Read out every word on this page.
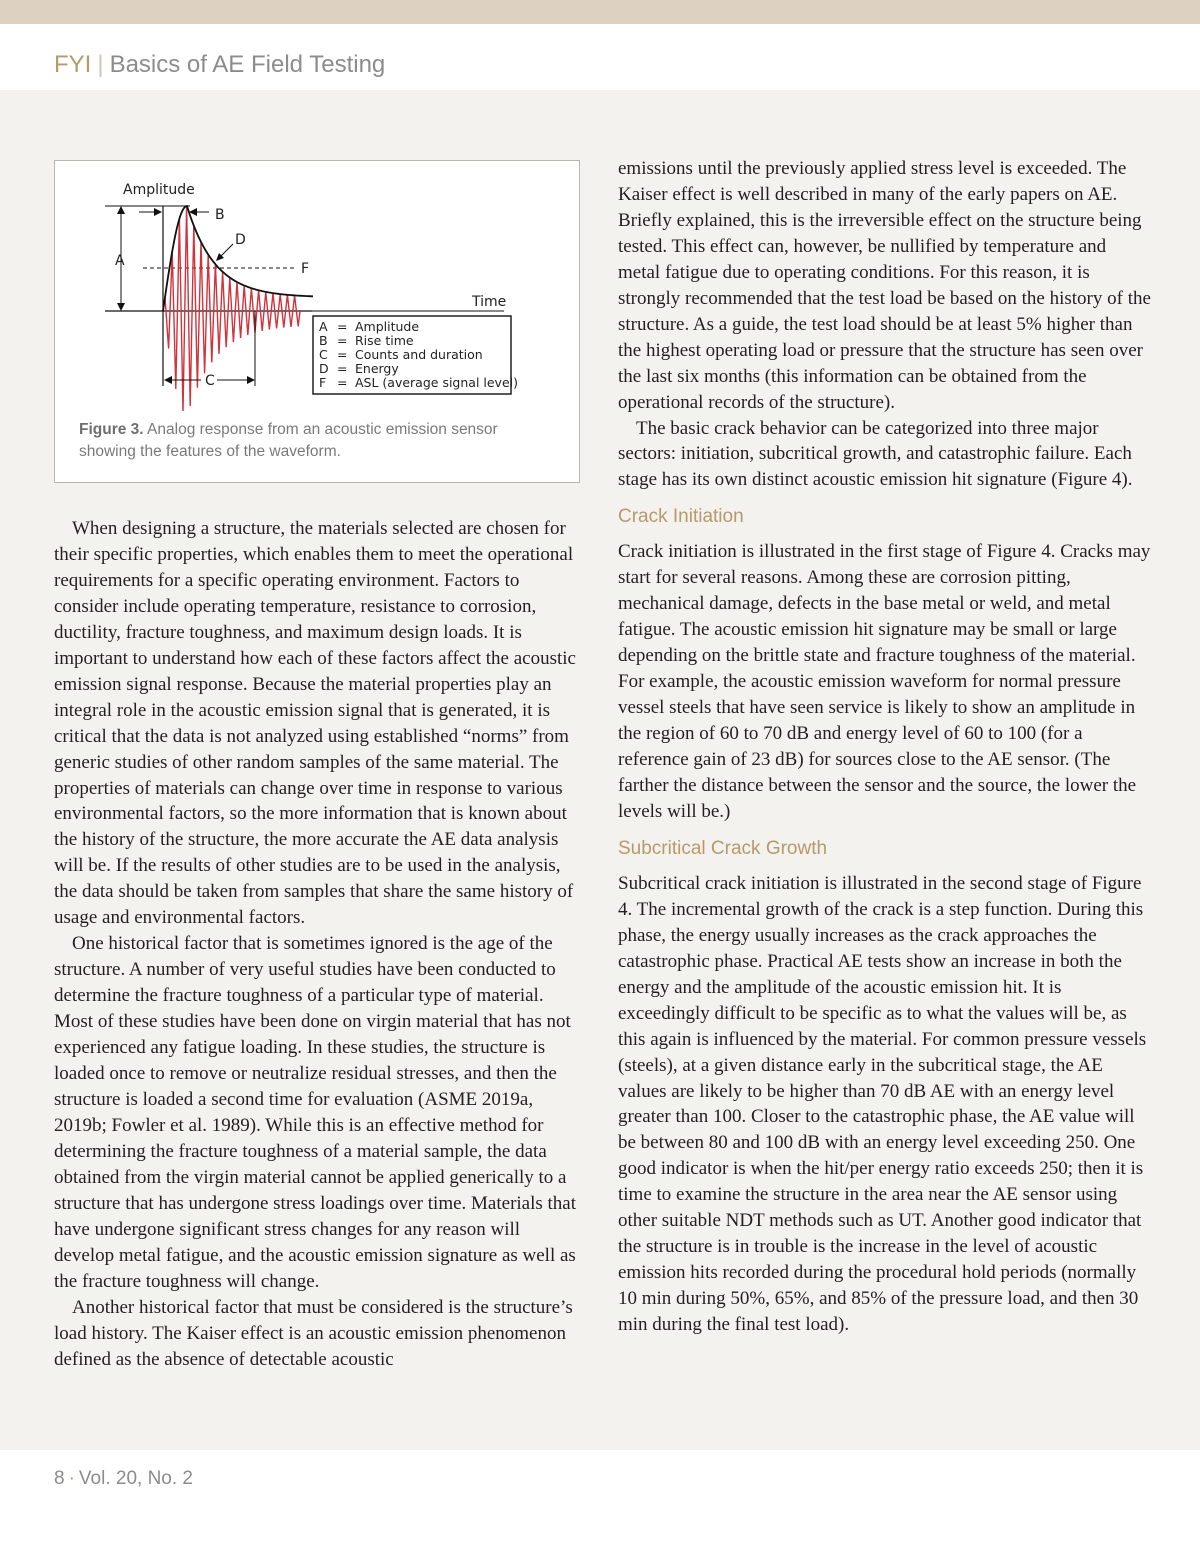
FYI | Basics of AE Field Testing
Amplitude
Time
A
B
C
D
F
A = Amplitude
B = Rise time
C = Counts and duration
D = Energy
F = ASL (average signal level)
Figure 3. Analog response from an acoustic emission sensor showing the features of the waveform.

When designing a structure, the materials selected are chosen for their specific properties, which enables them to meet the operational requirements for a specific operating environment. Factors to consider include operating temperature, resistance to corrosion, ductility, fracture toughness, and maximum design loads. It is important to understand how each of these factors affect the acoustic emission signal response. Because the material properties play an integral role in the acoustic emission signal that is generated, it is critical that the data is not analyzed using established “norms” from generic studies of other random samples of the same material. The properties of materials can change over time in response to various environmental factors, so the more information that is known about the history of the structure, the more accurate the AE data analysis will be. If the results of other studies are to be used in the analysis, the data should be taken from samples that share the same history of usage and environmental factors.

One historical factor that is sometimes ignored is the age of the structure. A number of very useful studies have been conducted to determine the fracture toughness of a particular type of material. Most of these studies have been done on virgin material that has not experienced any fatigue loading. In these studies, the structure is loaded once to remove or neutralize residual stresses, and then the structure is loaded a second time for evaluation (ASME 2019a, 2019b; Fowler et al. 1989). While this is an effective method for determining the fracture toughness of a material sample, the data obtained from the virgin material cannot be applied generically to a structure that has undergone stress loadings over time. Materials that have undergone significant stress changes for any reason will develop metal fatigue, and the acoustic emission signature as well as the fracture toughness will change.

Another historical factor that must be considered is the structure’s load history. The Kaiser effect is an acoustic emission phenomenon defined as the absence of detectable acoustic

emissions until the previously applied stress level is exceeded. The Kaiser effect is well described in many of the early papers on AE. Briefly explained, this is the irreversible effect on the structure being tested. This effect can, however, be nullified by temperature and metal fatigue due to operating conditions. For this reason, it is strongly recommended that the test load be based on the history of the structure. As a guide, the test load should be at least 5% higher than the highest operating load or pressure that the structure has seen over the last six months (this information can be obtained from the operational records of the structure).

The basic crack behavior can be categorized into three major sectors: initiation, subcritical growth, and catastrophic failure. Each stage has its own distinct acoustic emission hit signature (Figure 4).

Crack Initiation

Crack initiation is illustrated in the first stage of Figure 4. Cracks may start for several reasons. Among these are corrosion pitting, mechanical damage, defects in the base metal or weld, and metal fatigue. The acoustic emission hit signature may be small or large depending on the brittle state and fracture toughness of the material. For example, the acoustic emission waveform for normal pressure vessel steels that have seen service is likely to show an amplitude in the region of 60 to 70 dB and energy level of 60 to 100 (for a reference gain of 23 dB) for sources close to the AE sensor. (The farther the distance between the sensor and the source, the lower the levels will be.)

Subcritical Crack Growth

Subcritical crack initiation is illustrated in the second stage of Figure 4. The incremental growth of the crack is a step function. During this phase, the energy usually increases as the crack approaches the catastrophic phase. Practical AE tests show an increase in both the energy and the amplitude of the acoustic emission hit. It is exceedingly difficult to be specific as to what the values will be, as this again is influenced by the material. For common pressure vessels (steels), at a given distance early in the subcritical stage, the AE values are likely to be higher than 70 dB AE with an energy level greater than 100. Closer to the catastrophic phase, the AE value will be between 80 and 100 dB with an energy level exceeding 250. One good indicator is when the hit/per energy ratio exceeds 250; then it is time to examine the structure in the area near the AE sensor using other suitable NDT methods such as UT. Another good indicator that the structure is in trouble is the increase in the level of acoustic emission hits recorded during the procedural hold periods (normally 10 min during 50%, 65%, and 85% of the pressure load, and then 30 min during the final test load).

8 · Vol. 20, No. 2
